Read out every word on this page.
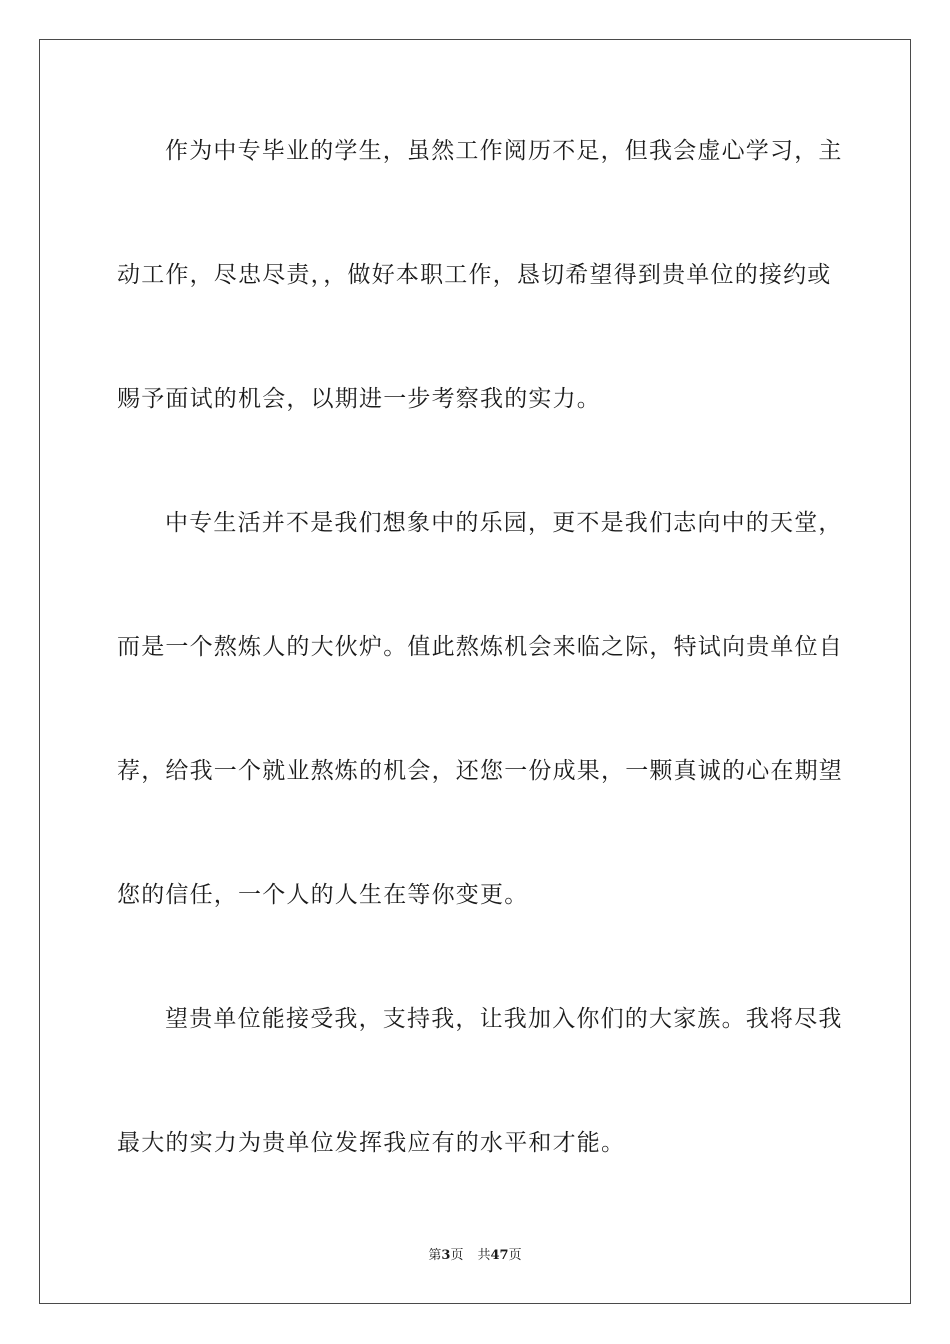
作为中专毕业的学生，虽然工作阅历不足，但我会虚心学习，主
动工作，尽忠尽责，，做好本职工作，恳切希望得到贵单位的接约或
赐予面试的机会，以期进一步考察我的实力。
中专生活并不是我们想象中的乐园，更不是我们志向中的天堂，
而是一个熬炼人的大伙炉。值此熬炼机会来临之际，特试向贵单位自
荐，给我一个就业熬炼的机会，还您一份成果，一颗真诚的心在期望
您的信任，一个人的人生在等你变更。
望贵单位能接受我，支持我，让我加入你们的大家族。我将尽我
最大的实力为贵单位发挥我应有的水平和才能。
第3页 共47页
